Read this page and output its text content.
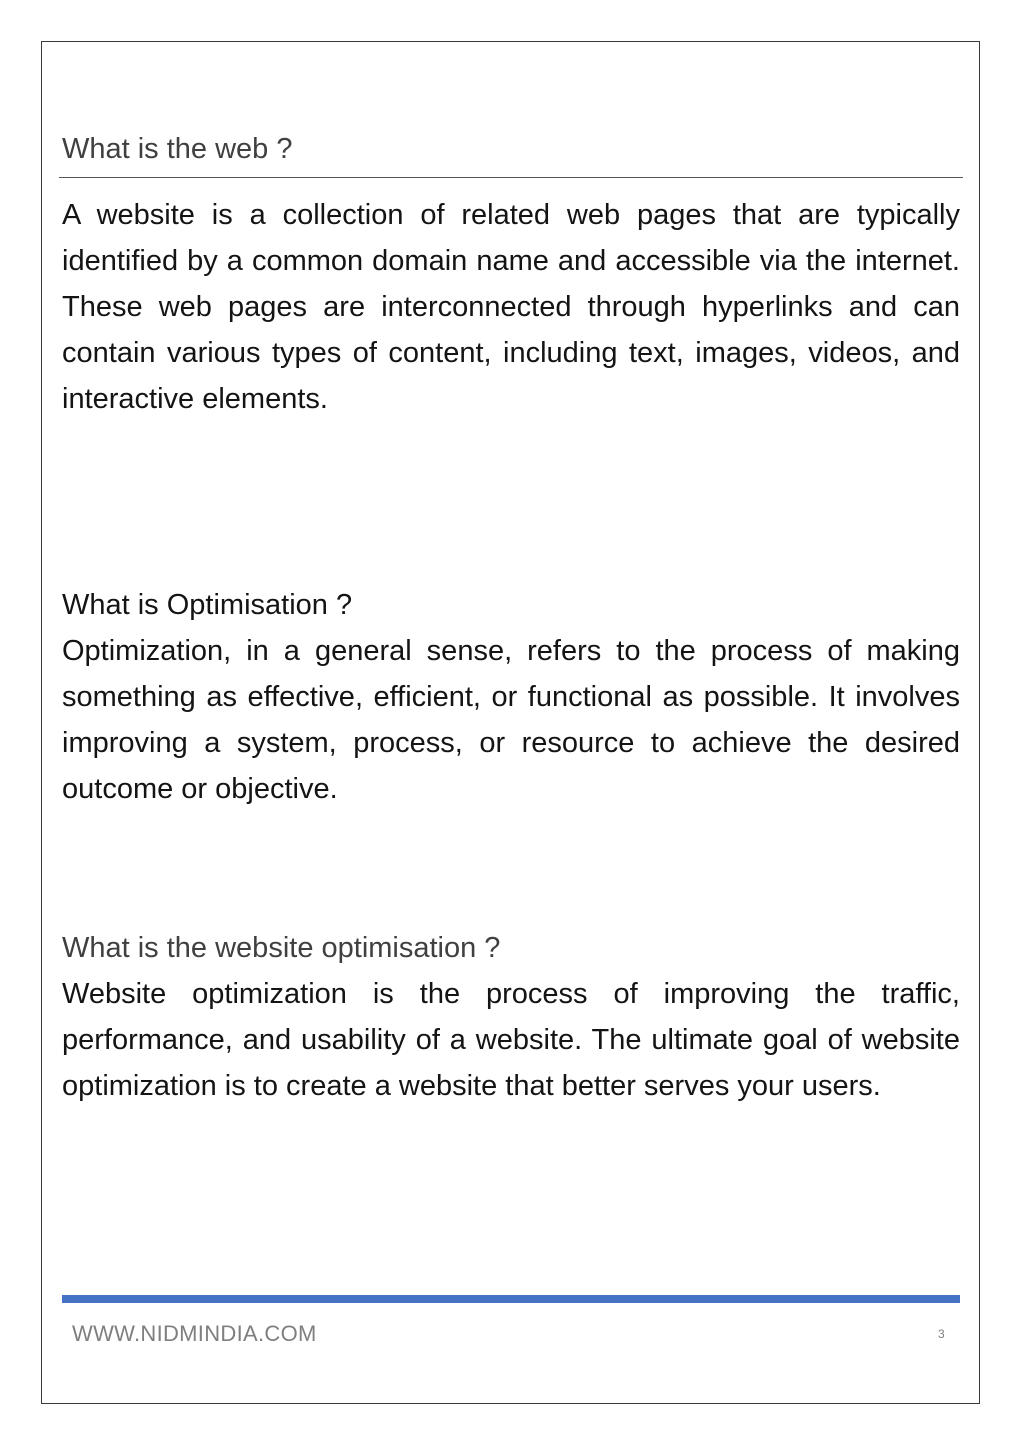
What is the web ?

A website is a collection of related web pages that are typically identified by a common domain name and accessible via the internet. These web pages are interconnected through hyperlinks and can contain various types of content, including text, images, videos, and interactive elements.

What is Optimisation ?

Optimization, in a general sense, refers to the process of making something as effective, efficient, or functional as possible. It involves improving a system, process, or resource to achieve the desired outcome or objective.

What is the website optimisation ?

Website optimization is the process of improving the traffic, performance, and usability of a website. The ultimate goal of website optimization is to create a website that better serves your users.

WWW.NIDMINDIA.COM	3
